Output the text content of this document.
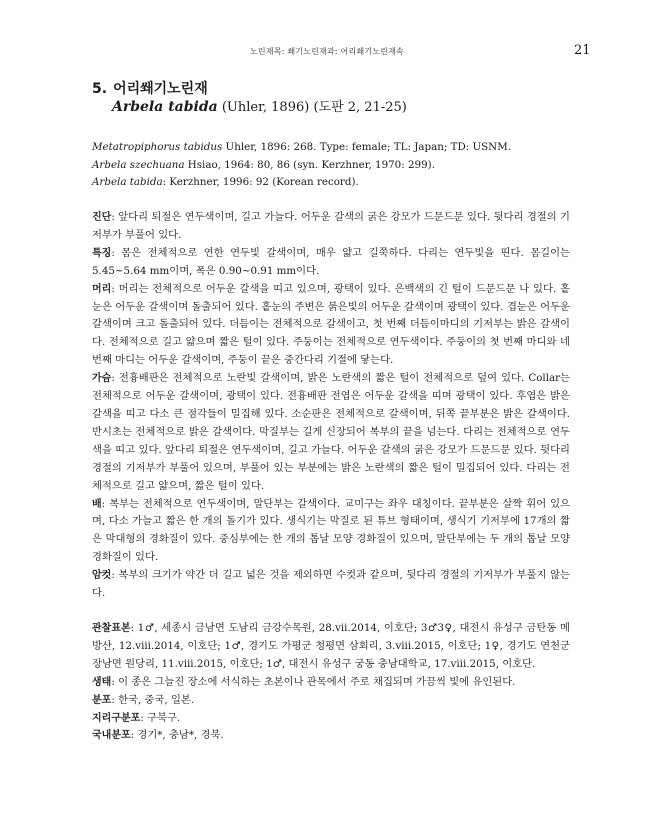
노린재목: 쐐기노린재과: 어리쐐기노린재속	21
5. 어리쐐기노린재
Arbela tabida (Uhler, 1896) (도판 2, 21-25)
Metatropiphorus tabidus Uhler, 1896: 268. Type: female; TL: Japan; TD: USNM.
Arbela szechuana Hsiao, 1964: 80, 86 (syn. Kerzhner, 1970: 299).
Arbela tabida: Kerzhner, 1996: 92 (Korean record).

진단: 앞다리 퇴절은 연두색이며, 길고 가늘다. 어두운 갈색의 굵은 강모가 드문드문 있다. 뒷다리 경절의 기저부가 부풀어 있다.

특징: 몸은 전체적으로 연한 연두빛 갈색이며, 매우 얇고 길쭉하다. 다리는 연두빛을 띤다. 몸길이는 5.45~5.64 mm이며, 폭은 0.90~0.91 mm이다.

머리: 머리는 전체적으로 어두운 갈색을 띠고 있으며, 광택이 있다. 은백색의 긴 털이 드문드문 나 있다. 홑눈은 어두운 갈색이며 돌출되어 있다. 홑눈의 주변은 붉은빛의 어두운 갈색이며 광택이 있다. 겹눈은 어두운 갈색이며 크고 돌출되어 있다. 더듬이는 전체적으로 갈색이고, 첫 번째 더듬이마디의 기저부는 밝은 갈색이다. 전체적으로 길고 얇으며 짧은 털이 있다. 주둥이는 전체적으로 연두색이다. 주둥이의 첫 번째 마디와 네 번째 마디는 어두운 갈색이며, 주둥이 끝은 중간다리 기절에 닿는다.

가슴: 전흉배판은 전체적으로 노란빛 갈색이며, 밝은 노란색의 짧은 털이 전체적으로 덮여 있다. Collar는 전체적으로 어두운 갈색이며, 광택이 있다. 전흉배판 전엽은 어두운 갈색을 띠며 광택이 있다. 후엽은 밝은 갈색을 띠고 다소 큰 점각들이 밀집해 있다. 소순판은 전체적으로 갈색이며, 뒤쪽 끝부분은 밝은 갈색이다. 반시초는 전체적으로 밝은 갈색이다. 막질부는 길게 신장되어 복부의 끝을 넘는다. 다리는 전체적으로 연두색을 띠고 있다. 앞다리 퇴절은 연두색이며, 길고 가늘다. 어두운 갈색의 굵은 강모가 드문드문 있다. 뒷다리 경절의 기저부가 부풀어 있으며, 부풀어 있는 부분에는 밝은 노란색의 짧은 털이 밀집되어 있다. 다리는 전체적으로 길고 얇으며, 짧은 털이 있다.

배: 복부는 전체적으로 연두색이며, 말단부는 갈색이다. 교미구는 좌우 대칭이다. 끝부분은 살짝 휘어 있으며, 다소 가늘고 짧은 한 개의 돌기가 있다. 생식기는 막질로 된 튜브 형태이며, 생식기 기저부에 17개의 짧은 막대형의 경화질이 있다. 중심부에는 한 개의 톱날 모양 경화질이 있으며, 말단부에는 두 개의 톱날 모양 경화질이 있다.

암컷: 복부의 크기가 약간 더 길고 넓은 것을 제외하면 수컷과 같으며, 뒷다리 경절의 기저부가 부풀지 않는다.

관찰표본: 1♂, 세종시 금남면 도남리 금강수목원, 28.vii.2014, 이호단; 3♂3♀, 대전시 유성구 금탄동 메방산, 12.viii.2014, 이호단; 1♂, 경기도 가평군 청평면 삼회리, 3.viii.2015, 이호단; 1♀, 경기도 연천군 장남면 원당리, 11.viii.2015, 이호단; 1♂, 대전시 유성구 궁동 충남대학교, 17.viii.2015, 이호단.

생태: 이 종은 그늘진 장소에 서식하는 초본이나 관목에서 주로 채집되며 가끔씩 빛에 유인된다.

분포: 한국, 중국, 일본.

지리구분포: 구북구.

국내분포: 경기*, 충남*, 경북.
